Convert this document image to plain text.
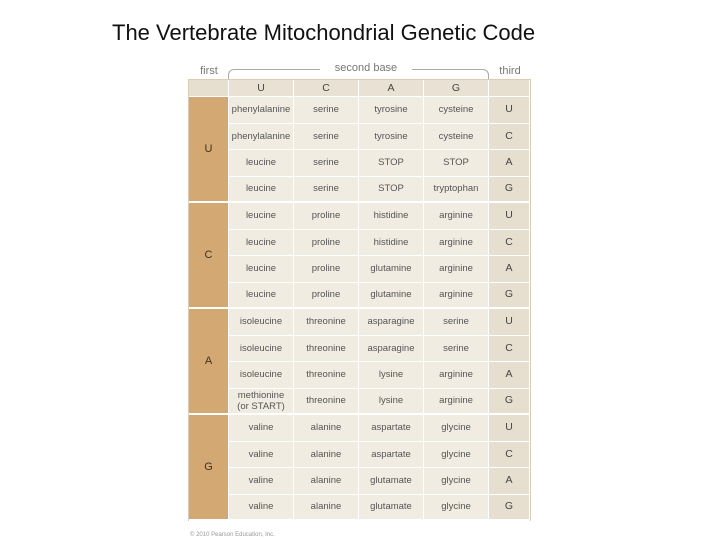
The Vertebrate Mitochondrial Genetic Code
first	second base	third
U	C	A	G
U
phenylalanine	serine	tyrosine	cysteine	U
phenylalanine	serine	tyrosine	cysteine	C
leucine	serine	STOP	STOP	A
leucine	serine	STOP	tryptophan	G
C
leucine	proline	histidine	arginine	U
leucine	proline	histidine	arginine	C
leucine	proline	glutamine	arginine	A
leucine	proline	glutamine	arginine	G
A
isoleucine	threonine	asparagine	serine	U
isoleucine	threonine	asparagine	serine	C
isoleucine	threonine	lysine	arginine	A
methionine
(or START)	threonine	lysine	arginine	G
G
valine	alanine	aspartate	glycine	U
valine	alanine	aspartate	glycine	C
valine	alanine	glutamate	glycine	A
valine	alanine	glutamate	glycine	G
© 2010 Pearson Education, Inc.
